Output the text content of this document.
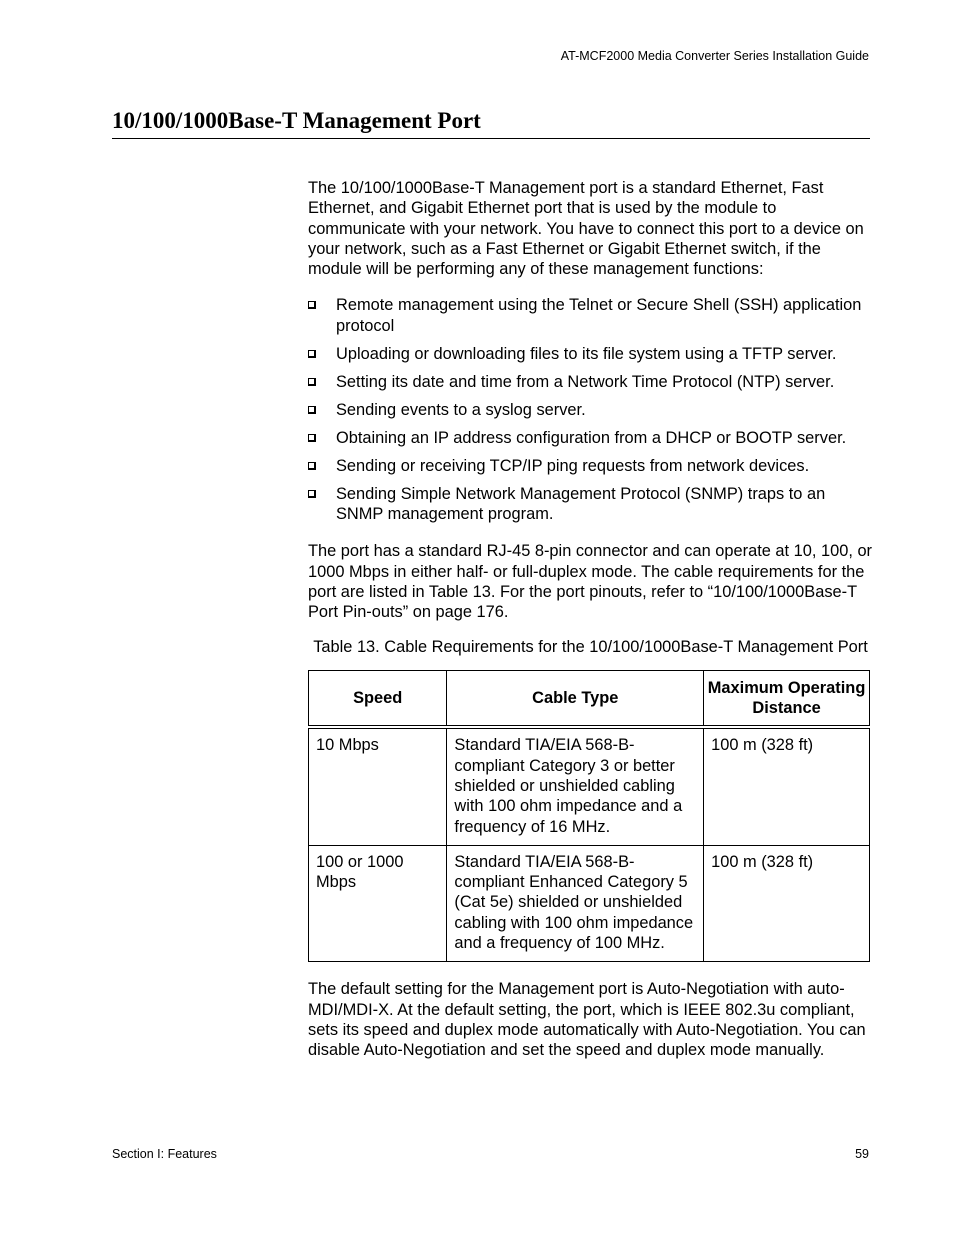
AT-MCF2000 Media Converter Series Installation Guide
10/100/1000Base-T Management Port

The 10/100/1000Base-T Management port is a standard Ethernet, Fast Ethernet, and Gigabit Ethernet port that is used by the module to communicate with your network. You have to connect this port to a device on your network, such as a Fast Ethernet or Gigabit Ethernet switch, if the module will be performing any of these management functions:

Remote management using the Telnet or Secure Shell (SSH) application protocol
Uploading or downloading files to its file system using a TFTP server.
Setting its date and time from a Network Time Protocol (NTP) server.
Sending events to a syslog server.
Obtaining an IP address configuration from a DHCP or BOOTP server.
Sending or receiving TCP/IP ping requests from network devices.
Sending Simple Network Management Protocol (SNMP) traps to an SNMP management program.

The port has a standard RJ-45 8-pin connector and can operate at 10, 100, or 1000 Mbps in either half- or full-duplex mode. The cable requirements for the port are listed in Table 13. For the port pinouts, refer to “10/100/1000Base-T Port Pin-outs” on page 176.

Table 13. Cable Requirements for the 10/100/1000Base-T Management Port
Speed	Cable Type	Maximum Operating Distance
10 Mbps	Standard TIA/EIA 568-B-compliant Category 3 or better shielded or unshielded cabling with 100 ohm impedance and a frequency of 16 MHz.	100 m (328 ft)
100 or 1000 Mbps	Standard TIA/EIA 568-B-compliant Enhanced Category 5 (Cat 5e) shielded or unshielded cabling with 100 ohm impedance and a frequency of 100 MHz.	100 m (328 ft)

The default setting for the Management port is Auto-Negotiation with auto-MDI/MDI-X. At the default setting, the port, which is IEEE 802.3u compliant, sets its speed and duplex mode automatically with Auto-Negotiation. You can disable Auto-Negotiation and set the speed and duplex mode manually.

Section I: Features	59
